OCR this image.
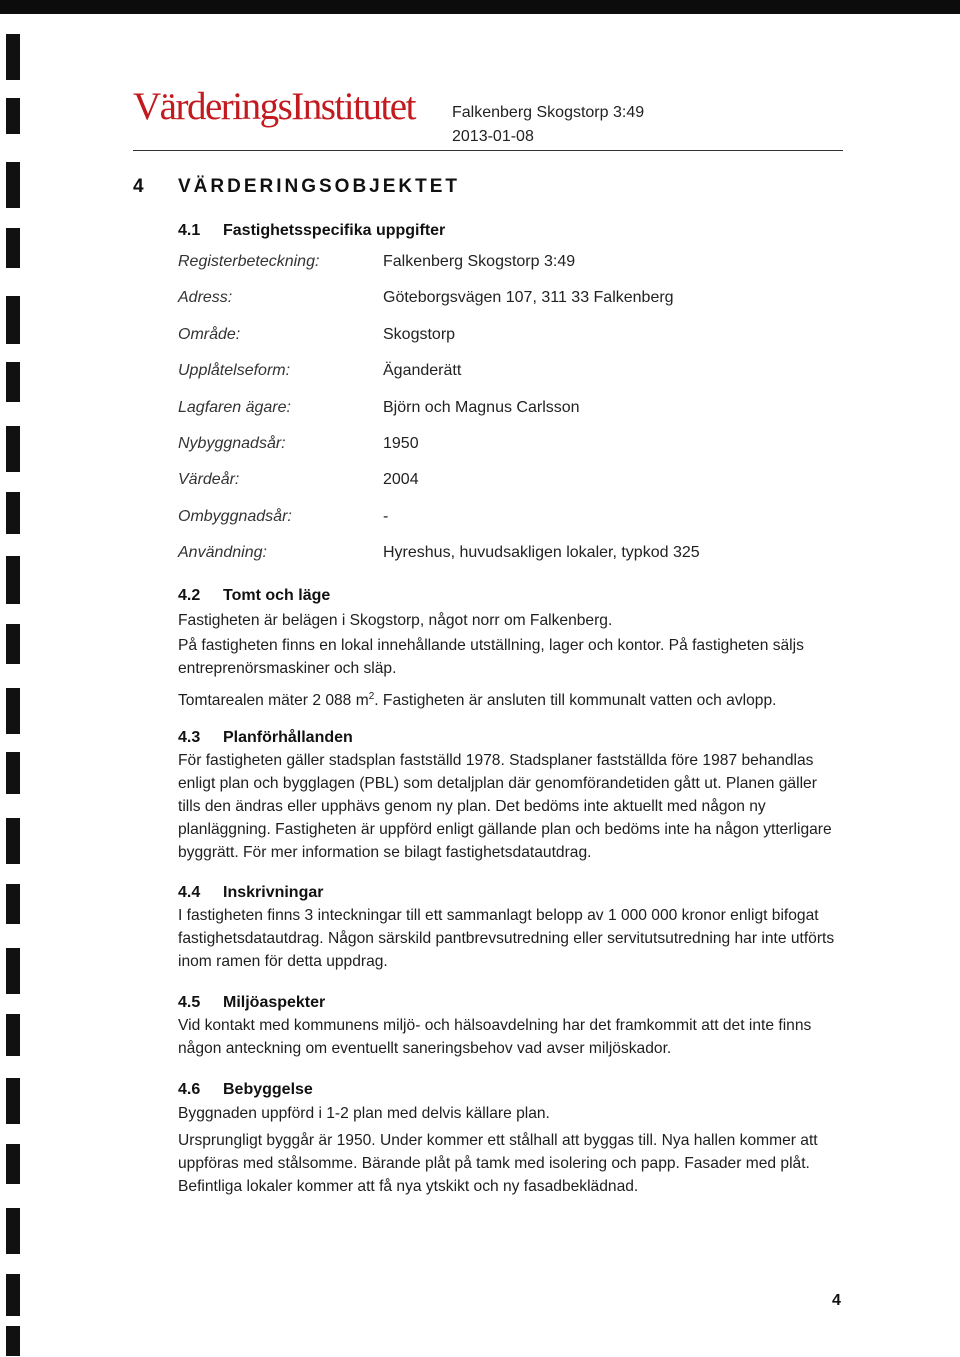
VärderingsInstitutet Falkenberg Skogstorp 3:49
2013-01-08
4 VÄRDERINGSOBJEKTET
4.1 Fastighetsspecifika uppgifter
Registerbeteckning:	Falkenberg Skogstorp 3:49
Adress:	Göteborgsvägen 107, 311 33 Falkenberg
Område:	Skogstorp
Upplåtelseform:	Äganderätt
Lagfaren ägare:	Björn och Magnus Carlsson
Nybyggnadsår:	1950
Värdeår:	2004
Ombyggnadsår:	-
Användning:	Hyreshus, huvudsakligen lokaler, typkod 325
4.2 Tomt och läge

Fastigheten är belägen i Skogstorp, något norr om Falkenberg.

På fastigheten finns en lokal innehållande utställning, lager och kontor. På fastigheten säljs entreprenörsmaskiner och släp.

Tomtarealen mäter 2 088 $m^2$. Fastigheten är ansluten till kommunalt vatten och avlopp.

4.3 Planförhållanden

För fastigheten gäller stadsplan fastställd 1978. Stadsplaner fastställda före 1987 behandlas enligt plan och bygglagen (PBL) som detaljplan där genomförandetiden gått ut. Planen gäller tills den ändras eller upphävs genom ny plan. Det bedöms inte aktuellt med någon ny planläggning. Fastigheten är uppförd enligt gällande plan och bedöms inte ha någon ytterligare byggrätt. För mer information se bilagt fastighetsdatautdrag.

4.4 Inskrivningar

I fastigheten finns 3 inteckningar till ett sammanlagt belopp av 1 000 000 kronor enligt bifogat fastighetsdatautdrag. Någon särskild pantbrevsutredning eller servitutsutredning har inte utförts inom ramen för detta uppdrag.

4.5 Miljöaspekter

Vid kontakt med kommunens miljö- och hälsoavdelning har det framkommit att det inte finns någon anteckning om eventuellt saneringsbehov vad avser miljöskador.

4.6 Bebyggelse

Byggnaden uppförd i 1-2 plan med delvis källare plan.

Ursprungligt byggår är 1950. Under kommer ett stålhall att byggas till. Nya hallen kommer att uppföras med stålsomme. Bärande plåt på tamk med isolering och papp. Fasader med plåt. Befintliga lokaler kommer att få nya ytskikt och ny fasadbeklädnad.

4
